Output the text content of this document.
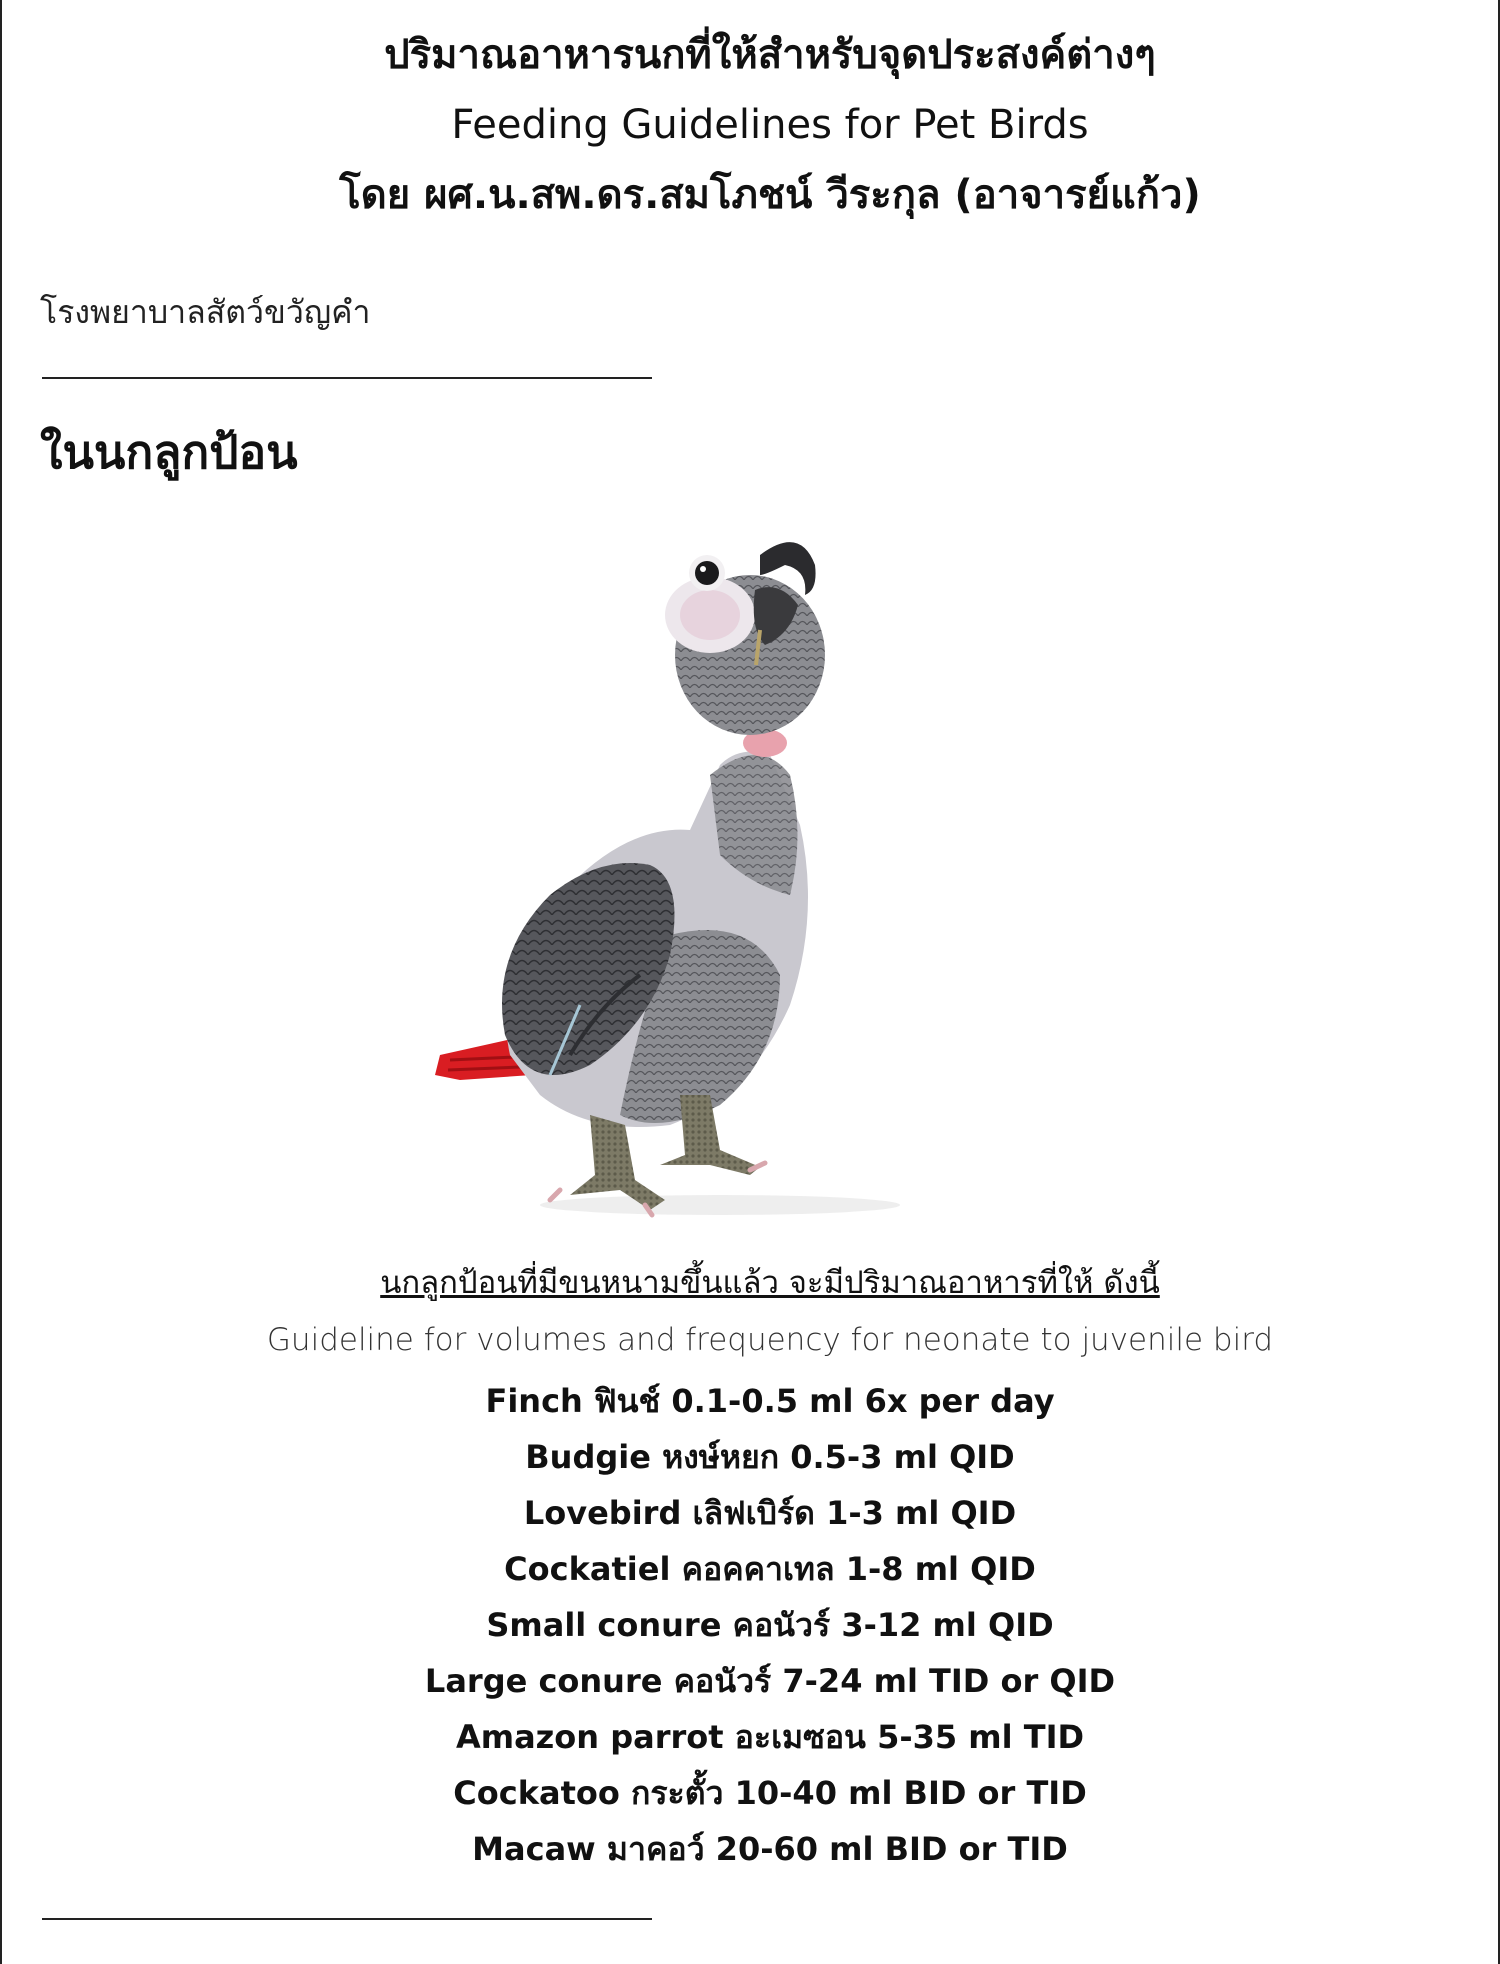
ปริมาณอาหารนกที่ให้สำหรับจุดประสงค์ต่างๆ

Feeding Guidelines for Pet Birds

โดย ผศ.น.สพ.ดร.สมโภชน์ วีระกุล (อาจารย์แก้ว)

โรงพยาบาลสัตว์ขวัญคำ
ในนกลูกป้อน

นกลูกป้อนที่มีขนหนามขึ้นแล้ว จะมีปริมาณอาหารที่ให้ ดังนี้

Guideline for volumes and frequency for neonate to juvenile bird

Finch ฟินช์ 0.1-0.5 ml 6x per day
Budgie หงษ์หยก 0.5-3 ml QID
Lovebird เลิฟเบิร์ด 1-3 ml QID
Cockatiel คอคคาเทล 1-8 ml QID
Small conure คอนัวร์ 3-12 ml QID
Large conure คอนัวร์ 7-24 ml TID or QID
Amazon parrot อะเมซอน 5-35 ml TID
Cockatoo กระตั้ว 10-40 ml BID or TID
Macaw มาคอว์ 20-60 ml BID or TID
